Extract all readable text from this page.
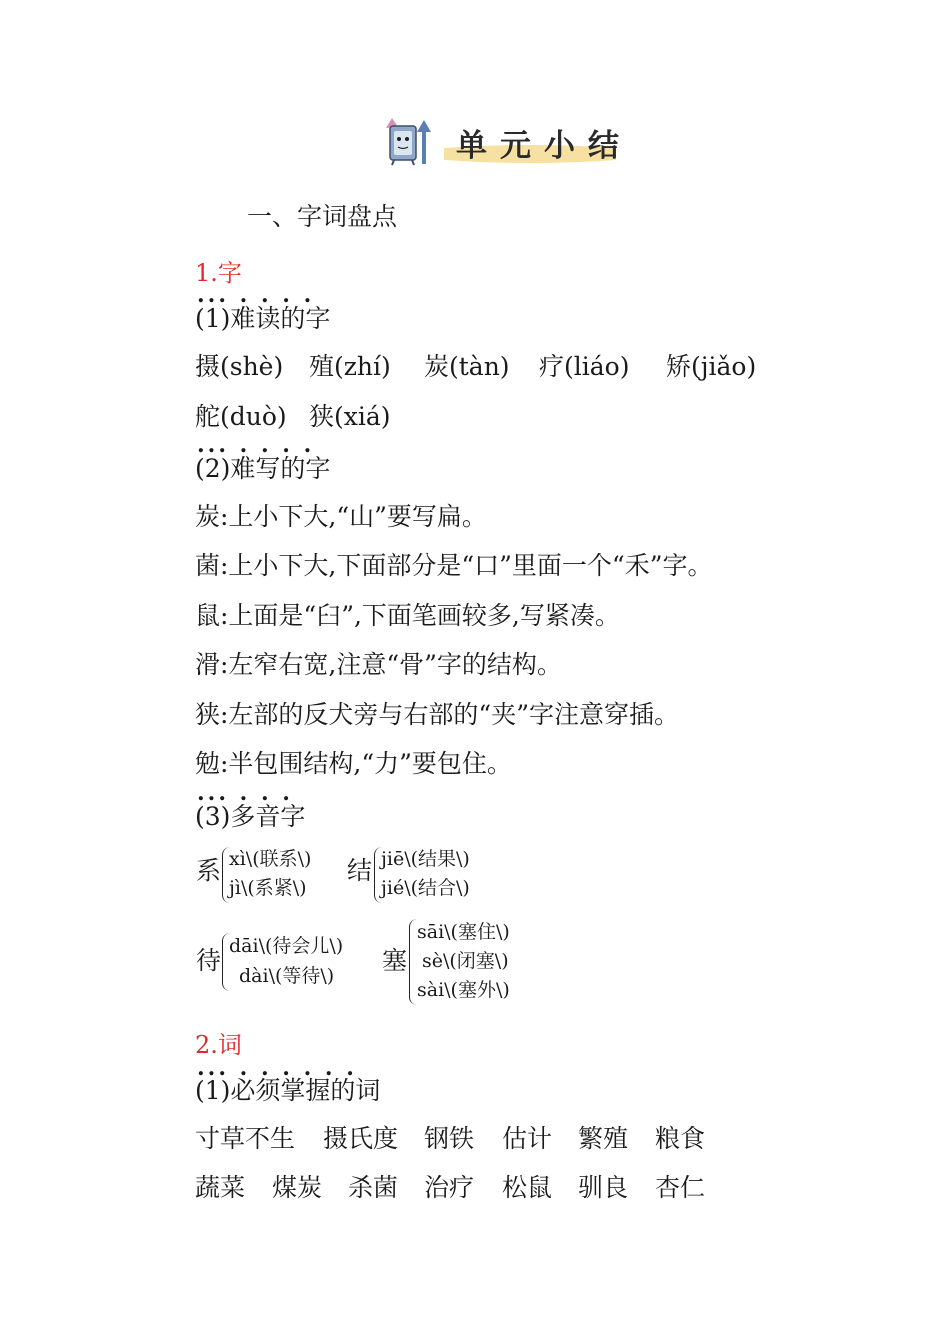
单元小结
一、字词盘点
1.字
... . . . .
(1)难读的字
摄(shè) 殖(zhí) 炭(tàn) 疗(liáo) 矫(jiǎo)
舵(duò) 狭(xiá)
... . . . .
(2)难写的字
炭:上小下大,“山”要写扁。
菌:上小下大,下面部分是“口”里面一个“禾”字。
鼠:上面是“臼”,下面笔画较多,写紧凑。
滑:左窄右宽,注意“骨”字的结构。
狭:左部的反犬旁与右部的“夹”字注意穿插。
勉:半包围结构,“力”要包住。
... . . .
(3)多音字
系 xì\(联系\)
jì\(系紧\)
结 jiē\(结果\)
jié\(结合\)
待 dāi\(待会儿\)
dài\(等待\)
塞
sāi\(塞住\)
sè\(闭塞\)
sài\(塞外\)
2.词
... . . . . . .
(1)必须掌握的词
寸草不生 摄氏度 钢铁 估计 繁殖 粮食
蔬菜 煤炭 杀菌 治疗 松鼠 驯良 杏仁
